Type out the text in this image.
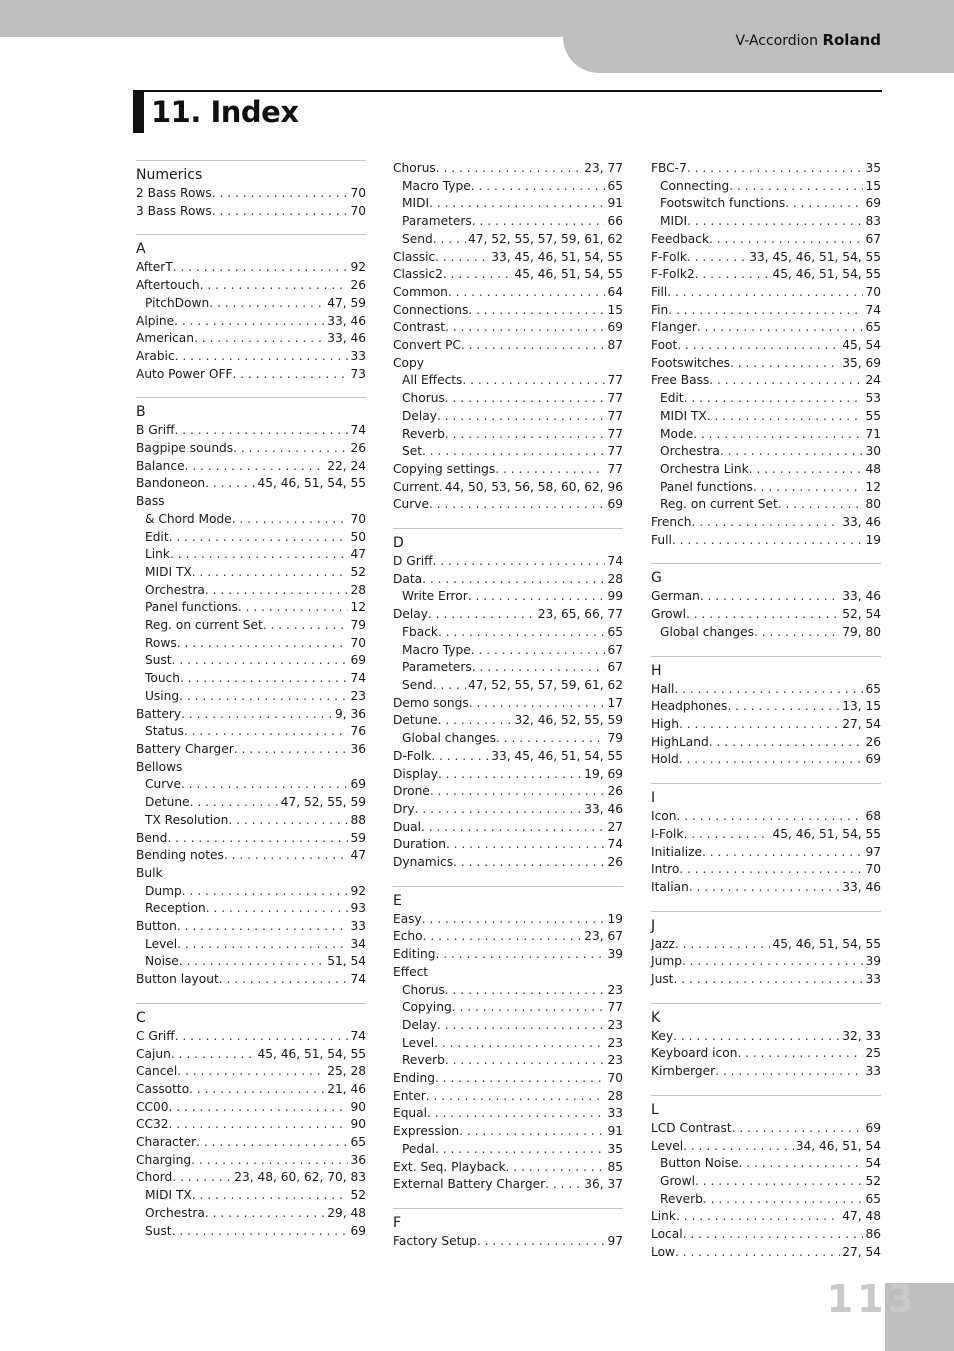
V-Accordion Roland
11. Index
Numerics
2 Bass Rows . . .	70
3 Bass Rows . . .	70
A
AfterT . . .	92
Aftertouch . . .	26
PitchDown . . .	47, 59
Alpine . . .	33, 46
American . . .	33, 46
Arabic . . .	33
Auto Power OFF . . .	73
B
B Griff . . .	74
Bagpipe sounds . . .	26
Balance . . .	22, 24
Bandoneon . . .	45, 46, 51, 54, 55
Bass
& Chord Mode . . .	70
Edit . . .	50
Link . . .	47
MIDI TX . . .	52
Orchestra . . .	28
Panel functions . . .	12
Reg. on current Set . . .	79
Rows . . .	70
Sust . . .	69
Touch . . .	74
Using . . .	23
Battery . . .	9, 36
Status . . .	76
Battery Charger . . .	36
Bellows
Curve . . .	69
Detune . . .	47, 52, 55, 59
TX Resolution . . .	88
Bend . . .	59
Bending notes . . .	47
Bulk
Dump . . .	92
Reception . . .	93
Button . . .	33
Level . . .	34
Noise . . .	51, 54
Button layout . . .	74
C
C Griff . . .	74
Cajun . . .	45, 46, 51, 54, 55
Cancel . . .	25, 28
Cassotto . . .	21, 46
CC00 . . .	90
CC32 . . .	90
Character . . .	65
Charging . . .	36
Chord . . .	23, 48, 60, 62, 70, 83
MIDI TX . . .	52
Orchestra . . .	29, 48
Sust . . .	69
Chorus . . .	23, 77
Macro Type . . .	65
MIDI . . .	91
Parameters . . .	66
Send . . .	47, 52, 55, 57, 59, 61, 62
Classic . . .	33, 45, 46, 51, 54, 55
Classic2 . . .	45, 46, 51, 54, 55
Common . . .	64
Connections . . .	15
Contrast . . .	69
Convert PC . . .	87
Copy
All Effects . . .	77
Chorus . . .	77
Delay . . .	77
Reverb . . .	77
Set . . .	77
Copying settings . . .	77
Current . . . 44, 50, 53, 56, 58, 60, 62, 96
Curve . . .	69
D
D Griff . . .	74
Data . . .	28
Write Error . . .	99
Delay . . .	23, 65, 66, 77
Fback . . .	65
Macro Type . . .	67
Parameters . . .	67
Send . . .	47, 52, 55, 57, 59, 61, 62
Demo songs . . .	17
Detune . . .	32, 46, 52, 55, 59
Global changes . . .	79
D-Folk . . .	33, 45, 46, 51, 54, 55
Display . . .	19, 69
Drone . . .	26
Dry . . .	33, 46
Dual . . .	27
Duration . . .	74
Dynamics . . .	26
E
Easy . . .	19
Echo . . .	23, 67
Editing . . .	39
Effect
Chorus . . .	23
Copying . . .	77
Delay . . .	23
Level . . .	23
Reverb . . .	23
Ending . . .	70
Enter . . .	28
Equal . . .	33
Expression . . .	91
Pedal . . .	35
Ext. Seq. Playback . . .	85
External Battery Charger . . .	36, 37
F
Factory Setup . . .	97
FBC-7 . . .	35
Connecting . . .	15
Footswitch functions . . .	69
MIDI . . .	83
Feedback . . .	67
F-Folk . . .	33, 45, 46, 51, 54, 55
F-Folk2 . . .	45, 46, 51, 54, 55
Fill . . .	70
Fin . . .	74
Flanger . . .	65
Foot . . .	45, 54
Footswitches . . .	35, 69
Free Bass . . .	24
Edit . . .	53
MIDI TX . . .	55
Mode . . .	71
Orchestra . . .	30
Orchestra Link . . .	48
Panel functions . . .	12
Reg. on current Set . . .	80
French . . .	33, 46
Full . . .	19
G
German . . .	33, 46
Growl . . .	52, 54
Global changes . . .	79, 80
H
Hall . . .	65
Headphones . . .	13, 15
High . . .	27, 54
HighLand . . .	26
Hold . . .	69
I
Icon . . .	68
I-Folk . . .	45, 46, 51, 54, 55
Initialize . . .	97
Intro . . .	70
Italian . . .	33, 46
J
Jazz . . .	45, 46, 51, 54, 55
Jump . . .	39
Just . . .	33
K
Key . . .	32, 33
Keyboard icon . . .	25
Kirnberger . . .	33
L
LCD Contrast . . .	69
Level . . .	34, 46, 51, 54
Button Noise . . .	54
Growl . . .	52
Reverb . . .	65
Link . . .	47, 48
Local . . .	86
Low . . .	27, 54
113
